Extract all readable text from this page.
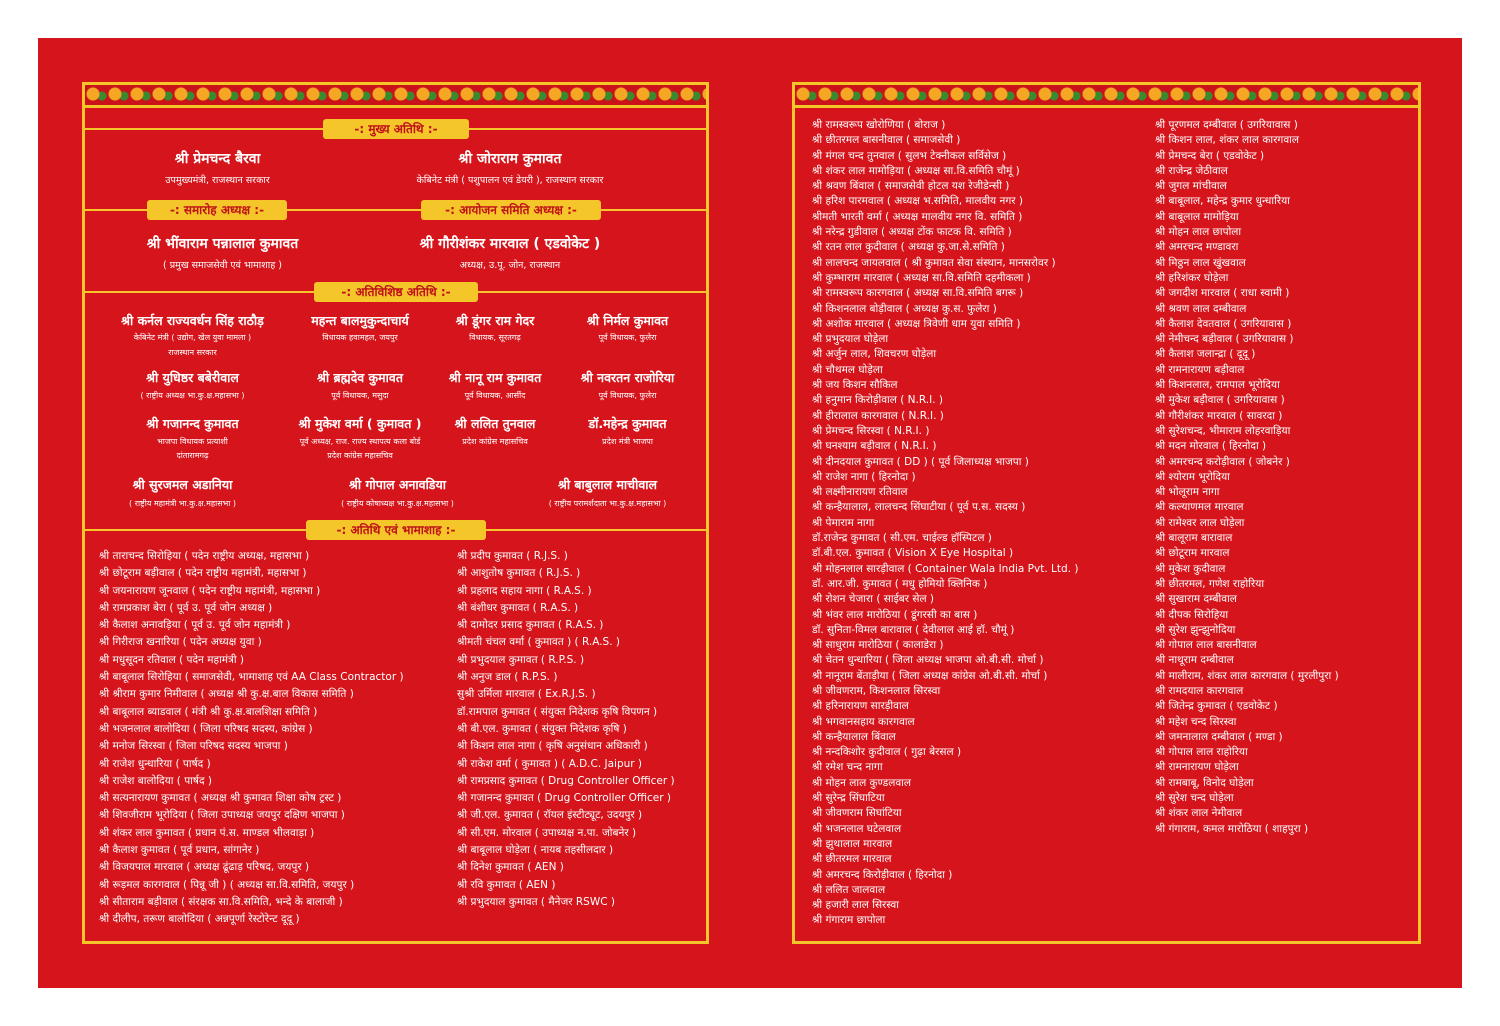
-: मुख्य अतिथि :-
श्री प्रेमचन्द बैरवा
उपमुख्यमंत्री, राजस्थान सरकार
श्री जोराराम कुमावत
केबिनेट मंत्री ( पशुपालन एवं डेयरी ), राजस्थान सरकार
-: समारोह अध्यक्ष :-	-: आयोजन समिति अध्यक्ष :-
श्री भींवाराम पन्नालाल कुमावत
( प्रमुख समाजसेवी एवं भामाशाह )
श्री गौरीशंकर मारवाल ( एडवोकेट )
अध्यक्ष, उ.पू. जोन, राजस्थान
-: अतिविशिष्ठ अतिथि :-
श्री कर्नल राज्यवर्धन सिंह राठौड़
केबिनेट मंत्री ( उद्योग, खेल युवा मामला )
राजस्थान सरकार
महन्त बालमुकुन्दाचार्य
विधायक हवामहल, जयपुर
श्री डूंगर राम गेदर
विधायक, सूरतगढ़
श्री निर्मल कुमावत
पूर्व विधायक, फुलेरा
श्री युधिष्ठर बबेरीवाल
( राष्ट्रीय अध्यक्ष भा.कु.क्ष.महासभा )
श्री ब्रह्मदेव कुमावत
पूर्व विधायक, मसुदा
श्री नानू राम कुमावत
पूर्व विधायक, आसींद
श्री नवरतन राजोरिया
पूर्व विधायक, फुलेरा
श्री गजानन्द कुमावत
भाजपा विधायक प्रत्याशी
दांतारामगढ़
श्री मुकेश वर्मा ( कुमावत )
पूर्व अध्यक्ष, राज. राज्य स्थापत्य कला बोर्ड
प्रदेश कांग्रेस महासचिव
श्री ललित तुनवाल
प्रदेश कांग्रेस महासचिव
डॉ.महेन्द्र कुमावत
प्रदेश मंत्री भाजपा
श्री सुरजमल अडानिया
( राष्ट्रीय महामंत्री भा.कु.क्ष.महासभा )
श्री गोपाल अनावडिया
( राष्ट्रीय कोषाध्यक्ष भा.कु.क्ष.महासभा )
श्री बाबुलाल माचीवाल
( राष्ट्रीय परामर्शदाता भा.कु.क्ष.महासभा )
-: अतिथि एवं भामाशाह :-
श्री ताराचन्द सिरोहिया ( पदेन राष्ट्रीय अध्यक्ष, महासभा )
श्री छोटूराम बड़ीवाल ( पदेन राष्ट्रीय महामंत्री, महासभा )
श्री जयनारायण जूनवाल ( पदेन राष्ट्रीय महामंत्री, महासभा )
श्री रामप्रकाश बेरा ( पूर्व उ. पूर्व जोन अध्यक्ष )
श्री कैलाश अनावड़िया ( पूर्व उ. पूर्व जोन महामंत्री )
श्री गिरीराज खनारिया ( पदेन अध्यक्ष युवा )
श्री मधुसूदन रतिवाल ( पदेन महामंत्री )
श्री बाबूलाल सिरोहिया ( समाजसेवी, भामाशाह एवं AA Class Contractor )
श्री श्रीराम कुमार निमीवाल ( अध्यक्ष श्री कु.क्ष.बाल विकास समिति )
श्री बाबूलाल ब्याडवाल ( मंत्री श्री कु.क्ष.बालशिक्षा समिति )
श्री भजनलाल बालोदिया ( जिला परिषद सदस्य, कांग्रेस )
श्री मनोज सिरस्वा ( जिला परिषद सदस्य भाजपा )
श्री राजेश धुन्धारिया ( पार्षद )
श्री राजेश बालोदिया ( पार्षद )
श्री सत्यनारायण कुमावत ( अध्यक्ष श्री कुमावत शिक्षा कोष ट्रस्ट )
श्री शिवजीराम भूरोदिया ( जिला उपाध्यक्ष जयपुर दक्षिण भाजपा )
श्री शंकर लाल कुमावत ( प्रधान पं.स. माण्डल भीलवाड़ा )
श्री कैलाश कुमावत ( पूर्व प्रधान, सांगानेर )
श्री विजयपाल मारवाल ( अध्यक्ष ढूंढाड़ परिषद, जयपुर )
श्री रूड़मल कारगवाल ( पिन्नू जी ) ( अध्यक्ष सा.वि.समिति, जयपुर )
श्री सीताराम बड़ीवाल ( संरक्षक सा.वि.समिति, भन्दे के बालाजी )
श्री दीलीप, तरूण बालोदिया ( अन्नपूर्णा रेस्टोरेन्ट दूदू )
श्री प्रदीप कुमावत ( R.J.S. )
श्री आशुतोष कुमावत ( R.J.S. )
श्री प्रहलाद सहाय नागा ( R.A.S. )
श्री बंशीधर कुमावत ( R.A.S. )
श्री दामोदर प्रसाद कुमावत ( R.A.S. )
श्रीमती चंचल वर्मा ( कुमावत ) ( R.A.S. )
श्री प्रभुदयाल कुमावत ( R.P.S. )
श्री अनुज डाल ( R.P.S. )
सुश्री उर्मिला मारवाल ( Ex.R.J.S. )
डॉ.रामपाल कुमावत ( संयुक्त निदेशक कृषि विपणन )
श्री बी.एल. कुमावत ( संयुक्त निदेशक कृषि )
श्री किशन लाल नागा ( कृषि अनुसंधान अधिकारी )
श्री राकेश वर्मा ( कुमावत ) ( A.D.C. Jaipur )
श्री रामप्रसाद कुमावत ( Drug Controller Officer )
श्री गजानन्द कुमावत ( Drug Controller Officer )
श्री जी.एल. कुमावत ( रॉयल इंस्टीट्यूट, उदयपुर )
श्री सी.एम. मोरवाल ( उपाध्यक्ष न.पा. जोबनेर )
श्री बाबूलाल घोड़ेला ( नायब तहसीलदार )
श्री दिनेश कुमावत ( AEN )
श्री रवि कुमावत ( AEN )
श्री प्रभुदयाल कुमावत ( मैनेजर RSWC )
श्री रामस्वरूप खोरोणिया ( बोराज )
श्री छीतरमल बासनीवाल ( समाजसेवी )
श्री मंगल चन्द तुनवाल ( सुलभ टेक्नीकल सर्विसेज )
श्री शंकर लाल मामोड़िया ( अध्यक्ष सा.वि.समिति चौमूं )
श्री श्रवण बिंवाल ( समाजसेवी होटल यश रेजीडेन्सी )
श्री हरिश पारमवाल ( अध्यक्ष भ.समिति, मालवीय नगर )
श्रीमती भारती वर्मा ( अध्यक्ष मालवीय नगर वि. समिति )
श्री नरेन्द्र गुडीवाल ( अध्यक्ष टोंक फाटक वि. समिति )
श्री रतन लाल कुदीवाल ( अध्यक्ष कु.जा.से.समिति )
श्री लालचन्द जायलवाल ( श्री कुमावत सेवा संस्थान, मानसरोवर )
श्री कुम्भाराम मारवाल ( अध्यक्ष सा.वि.समिति दहमीकला )
श्री रामस्वरूप कारगवाल ( अध्यक्ष सा.वि.समिति बगरू )
श्री किशनलाल बोड़ीवाल ( अध्यक्ष कु.स. फुलेरा )
श्री अशोक मारवाल ( अध्यक्ष त्रिवेणी धाम युवा समिति )
श्री प्रभुदयाल घोड़ेला
श्री अर्जुन लाल, शिवचरण घोड़ेला
श्री चौथमल घोड़ेला
श्री जय किशन सौकिल
श्री हनुमान किरोड़ीवाल ( N.R.I. )
श्री हीरालाल कारगवाल ( N.R.I. )
श्री प्रेमचन्द सिरस्वा ( N.R.I. )
श्री घनश्याम बड़ीवाल ( N.R.I. )
श्री दीनदयाल कुमावत ( DD ) ( पूर्व जिलाध्यक्ष भाजपा )
श्री राजेश नागा ( हिरनोदा )
श्री लक्ष्मीनारायण रतिवाल
श्री कन्हैयालाल, लालचन्द सिंघाटीया ( पूर्व प.स. सदस्य )
श्री पेमाराम नागा
डॉ.राजेन्द्र कुमावत ( सी.एम. चाईल्ड हॉस्पिटल )
डॉ.बी.एल. कुमावत ( Vision X Eye Hospital )
श्री मोहनलाल सारड़ीवाल ( Container Wala India Pvt. Ltd. )
डॉ. आर.जी. कुमावत ( मधु होमियो क्लिनिक )
श्री रोशन चेजारा ( साईबर सेल )
श्री भंवर लाल मारोठिया ( डूंगरसी का बास )
डॉ. सुनिता-विमल बारावाल ( देवीलाल आई हॉ. चौमूं )
श्री साधुराम मारोठिया ( कालाडेरा )
श्री चेतन धुन्धारिया ( जिला अध्यक्ष भाजपा ओ.बी.सी. मोर्चा )
श्री नानूराम बेंताड़ीया ( जिला अध्यक्ष कांग्रेस ओ.बी.सी. मोर्चा )
श्री जीवणराम, किशनलाल सिरस्वा
श्री हरिनारायण सारड़ीवाल
श्री भगवानसहाय कारगवाल
श्री कन्हैयालाल बिंवाल
श्री नन्दकिशोर कुदीवाल ( गुढ़ा बेरसल )
श्री रमेश चन्द नागा
श्री मोहन लाल कुण्डलवाल
श्री सुरेन्द्र सिंघाटिया
श्री जीवणराम सिघांटिया
श्री भजनलाल घटेलवाल
श्री झुथालाल मारवाल
श्री छीतरमल मारवाल
श्री अमरचन्द किरोड़ीवाल ( हिरनोदा )
श्री ललित जालवाल
श्री हजारी लाल सिरस्वा
श्री गंगाराम छापोला
श्री पूरणमल दम्बीवाल ( उगरियावास )
श्री किशन लाल, शंकर लाल कारगवाल
श्री प्रेमचन्द बेरा ( एडवोकेट )
श्री राजेन्द्र जेठीवाल
श्री जुगल मांचीवाल
श्री बाबूलाल, महेन्द्र कुमार धुन्धारिया
श्री बाबूलाल मामोड़िया
श्री मोहन लाल छापोला
श्री अमरचन्द मण्डावरा
श्री मिठ्ठन लाल खुंखवाल
श्री हरिशंकर घोड़ेला
श्री जगदीश मारवाल ( राधा स्वामी )
श्री श्रवण लाल दम्बीवाल
श्री कैलाश देवतवाल ( उगरियावास )
श्री नेमीचन्द बड़ीवाल ( उगरियावास )
श्री कैलाश जलान्द्रा ( दूदू )
श्री रामनारायण बड़ीवाल
श्री किशनलाल, रामपाल भूरोदिया
श्री मुकेश बड़ीवाल ( उगरियावास )
श्री गौरीशंकर मारवाल ( सावरदा )
श्री सुरेशचन्द, भीमाराम लोहरवाड़िया
श्री मदन मोरवाल ( हिरनोदा )
श्री अमरचन्द करोड़ीवाल ( जोबनेर )
श्री श्योराम भूरोदिया
श्री भोलूराम नागा
श्री कल्याणमल मारवाल
श्री रामेश्वर लाल घोड़ेला
श्री बालूराम बारावाल
श्री छोटूराम मारवाल
श्री मुकेश कुदीवाल
श्री छीतरमल, गणेश राहोरिया
श्री सुखाराम दम्बीवाल
श्री दीपक सिरोहिया
श्री सुरेश झुन्झुनोदिया
श्री गोपाल लाल बासनीवाल
श्री नाथूराम दम्बीवाल
श्री मालीराम, शंकर लाल कारगवाल ( मुरलीपुरा )
श्री रामदयाल कारगवाल
श्री जितेन्द्र कुमावत ( एडवोकेट )
श्री महेश चन्द सिरस्वा
श्री जमनालाल दम्बीवाल ( मण्डा )
श्री गोपाल लाल राहोरिया
श्री रामनारायण घोड़ेला
श्री रामबाबू, विनोद घोड़ेला
श्री सुरेश चन्द घोड़ेला
श्री शंकर लाल नेमीवाल
श्री गंगाराम, कमल मारोठिया ( शाहपुरा )
